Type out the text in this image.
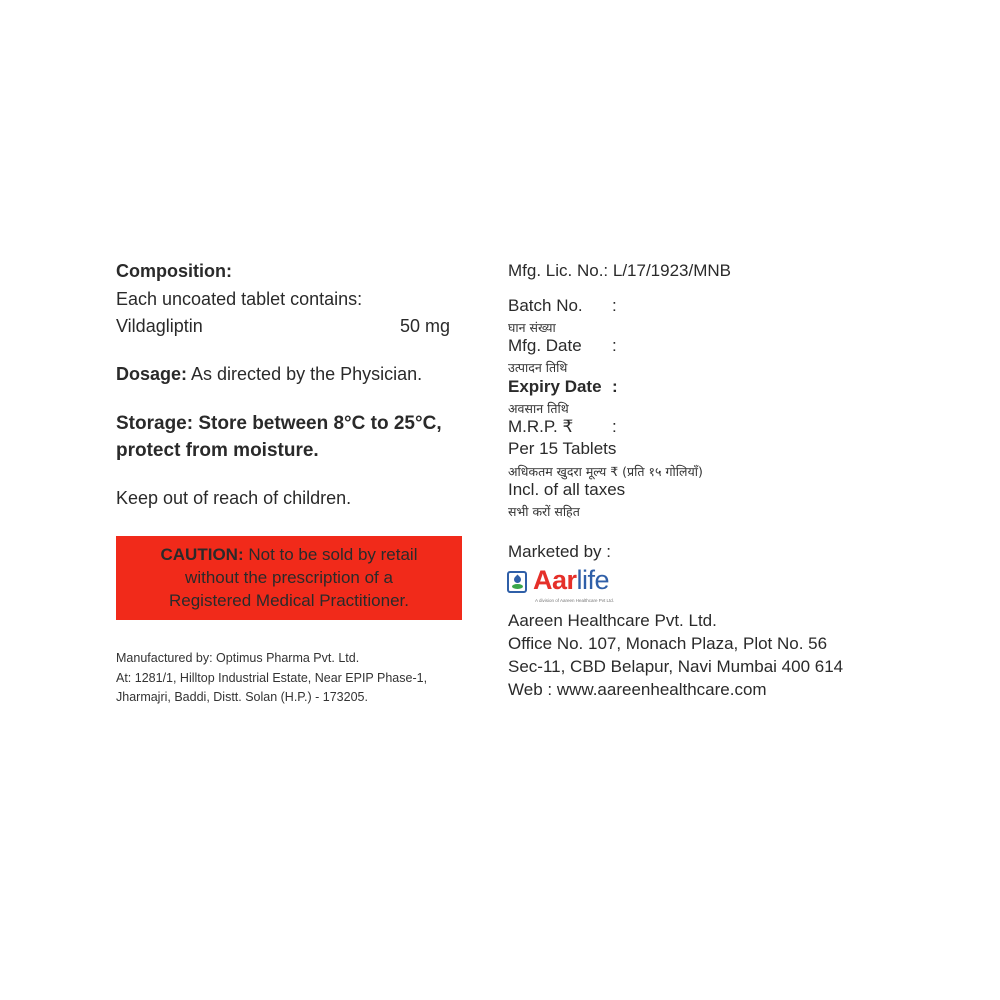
Composition:
Each uncoated tablet contains:
Vildagliptin	50 mg
Dosage: As directed by the Physician.
Storage: Store between 8°C to 25°C,
protect from moisture.
Keep out of reach of children.
CAUTION: Not to be sold by retail
without the prescription of a
Registered Medical Practitioner.
Manufactured by: Optimus Pharma Pvt. Ltd.
At: 1281/1, Hilltop Industrial Estate, Near EPIP Phase-1,
Jharmajri, Baddi, Distt. Solan (H.P.) - 173205.
Mfg. Lic. No.: L/17/1923/MNB
Batch No. :
घान संख्या
Mfg. Date :
उत्पादन तिथि
Expiry Date :
अवसान तिथि
M.R.P. ₹ :
Per 15 Tablets
अधिकतम खुदरा मूल्य ₹ (प्रति १५ गोलियाँ)
Incl. of all taxes
सभी करों सहित
Marketed by :
Aarlife
A division of Aareen Healthcare Pvt Ltd.
Aareen Healthcare Pvt. Ltd.
Office No. 107, Monach Plaza, Plot No. 56
Sec-11, CBD Belapur, Navi Mumbai 400 614
Web : www.aareenhealthcare.com
